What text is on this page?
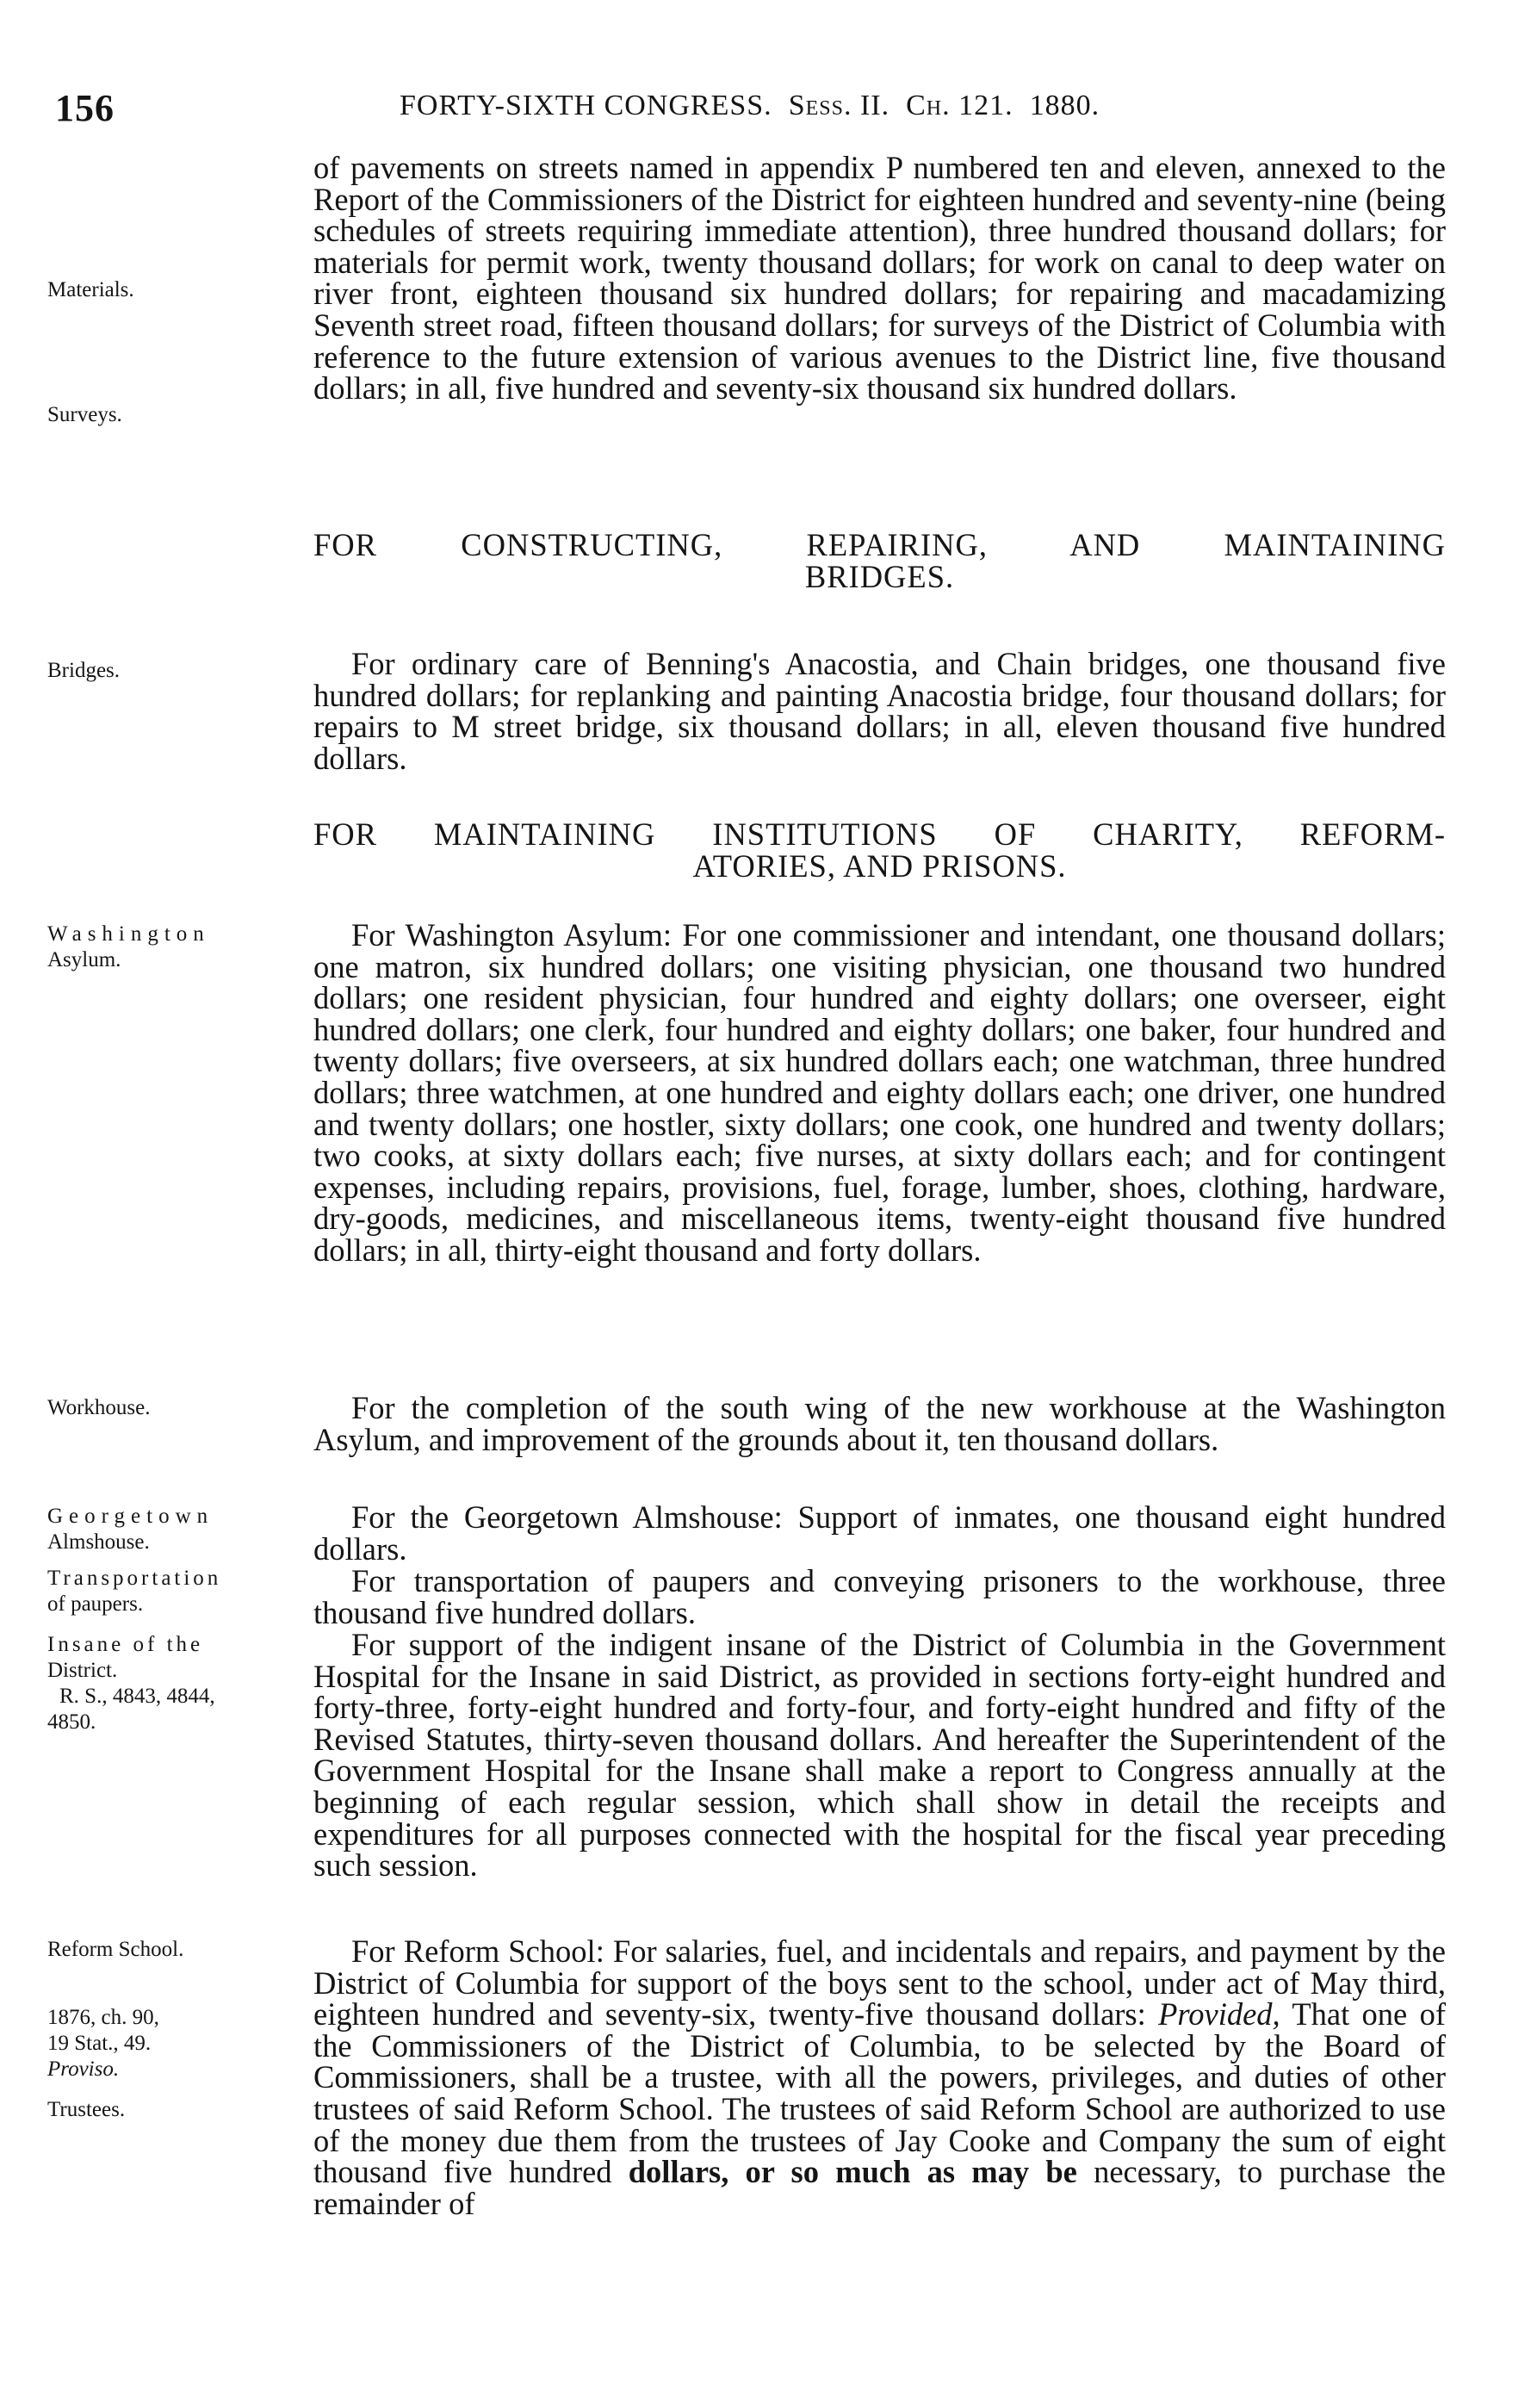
156	FORTY-SIXTH CONGRESS. Sess. II. Ch. 121. 1880.
Materials.
Surveys.
Bridges.
Washington
Asylum.
Workhouse.
Georgetown
Almshouse.
Transportation
of paupers.
Insane of the
District.
R. S., 4843, 4844,
4850.
Reform School.
1876, ch. 90,
19 Stat., 49.
Proviso.
Trustees.

of pavements on streets named in appendix P numbered ten and eleven, annexed to the Report of the Commissioners of the District for eighteen hundred and seventy-nine (being schedules of streets requiring immediate attention), three hundred thousand dollars; for materials for permit work, twenty thousand dollars; for work on canal to deep water on river front, eighteen thousand six hundred dollars; for repairing and macadamizing Seventh street road, fifteen thousand dollars; for surveys of the District of Columbia with reference to the future extension of various avenues to the District line, five thousand dollars; in all, five hundred and seventy-six thousand six hundred dollars.

FOR CONSTRUCTING, REPAIRING, AND MAINTAINING
BRIDGES.

For ordinary care of Benning's Anacostia, and Chain bridges, one thousand five hundred dollars; for replanking and painting Anacostia bridge, four thousand dollars; for repairs to M street bridge, six thousand dollars; in all, eleven thousand five hundred dollars.

FOR MAINTAINING INSTITUTIONS OF CHARITY, REFORM-
ATORIES, AND PRISONS.

For Washington Asylum: For one commissioner and intendant, one thousand dollars; one matron, six hundred dollars; one visiting physician, one thousand two hundred dollars; one resident physician, four hundred and eighty dollars; one overseer, eight hundred dollars; one clerk, four hundred and eighty dollars; one baker, four hundred and twenty dollars; five overseers, at six hundred dollars each; one watchman, three hundred dollars; three watchmen, at one hundred and eighty dollars each; one driver, one hundred and twenty dollars; one hostler, sixty dollars; one cook, one hundred and twenty dollars; two cooks, at sixty dollars each; five nurses, at sixty dollars each; and for contingent expenses, including repairs, provisions, fuel, forage, lumber, shoes, clothing, hardware, dry-goods, medicines, and miscellaneous items, twenty-eight thousand five hundred dollars; in all, thirty-eight thousand and forty dollars.

For the completion of the south wing of the new workhouse at the Washington Asylum, and improvement of the grounds about it, ten thousand dollars.

For the Georgetown Almshouse: Support of inmates, one thousand eight hundred dollars.

For transportation of paupers and conveying prisoners to the workhouse, three thousand five hundred dollars.

For support of the indigent insane of the District of Columbia in the Government Hospital for the Insane in said District, as provided in sections forty-eight hundred and forty-three, forty-eight hundred and forty-four, and forty-eight hundred and fifty of the Revised Statutes, thirty-seven thousand dollars. And hereafter the Superintendent of the Government Hospital for the Insane shall make a report to Congress annually at the beginning of each regular session, which shall show in detail the receipts and expenditures for all purposes connected with the hospital for the fiscal year preceding such session.

For Reform School: For salaries, fuel, and incidentals and repairs, and payment by the District of Columbia for support of the boys sent to the school, under act of May third, eighteen hundred and seventy-six, twenty-five thousand dollars: Provided, That one of the Commissioners of the District of Columbia, to be selected by the Board of Commissioners, shall be a trustee, with all the powers, privileges, and duties of other trustees of said Reform School. The trustees of said Reform School are authorized to use of the money due them from the trustees of Jay Cooke and Company the sum of eight thousand five hundred dollars, or so much as may be necessary, to purchase the remainder of
